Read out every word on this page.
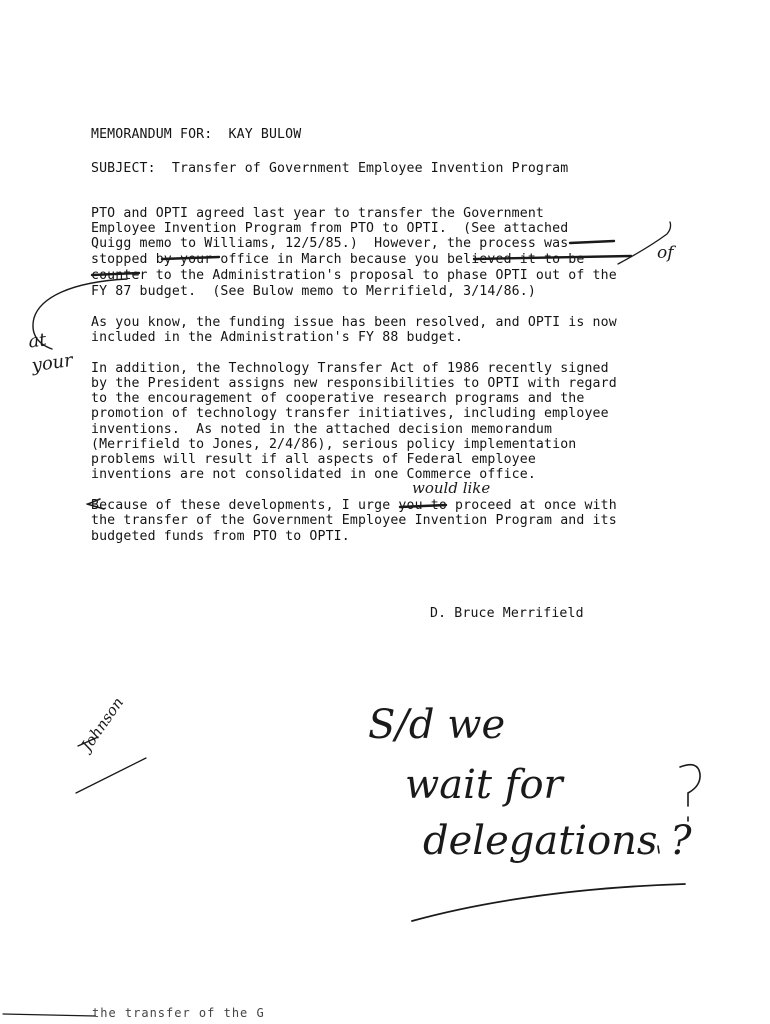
MEMORANDUM FOR:  KAY BULOW

SUBJECT:  Transfer of Government Employee Invention Program

PTO and OPTI agreed last year to transfer the Government

Employee Invention Program from PTO to OPTI.  (See attached

Quigg memo to Williams, 12/5/85.)  However, the process was

stopped by your office in March because you believed it to be

counter to the Administration's proposal to phase OPTI out of the

FY 87 budget.  (See Bulow memo to Merrifield, 3/14/86.)

As you know, the funding issue has been resolved, and OPTI is now

included in the Administration's FY 88 budget.

In addition, the Technology Transfer Act of 1986 recently signed

by the President assigns new responsibilities to OPTI with regard

to the encouragement of cooperative research programs and the

promotion of technology transfer initiatives, including employee

inventions.  As noted in the attached decision memorandum

(Merrifield to Jones, 2/4/86), serious policy implementation

problems will result if all aspects of Federal employee

inventions are not consolidated in one Commerce office.

Because of these developments, I urge you to proceed at once with

the transfer of the Government Employee Invention Program and its

budgeted funds from PTO to OPTI.

D. Bruce Merrifield

of

at your

would like

Johnson	S/d we

wait for

delegations ?

the transfer of the G
